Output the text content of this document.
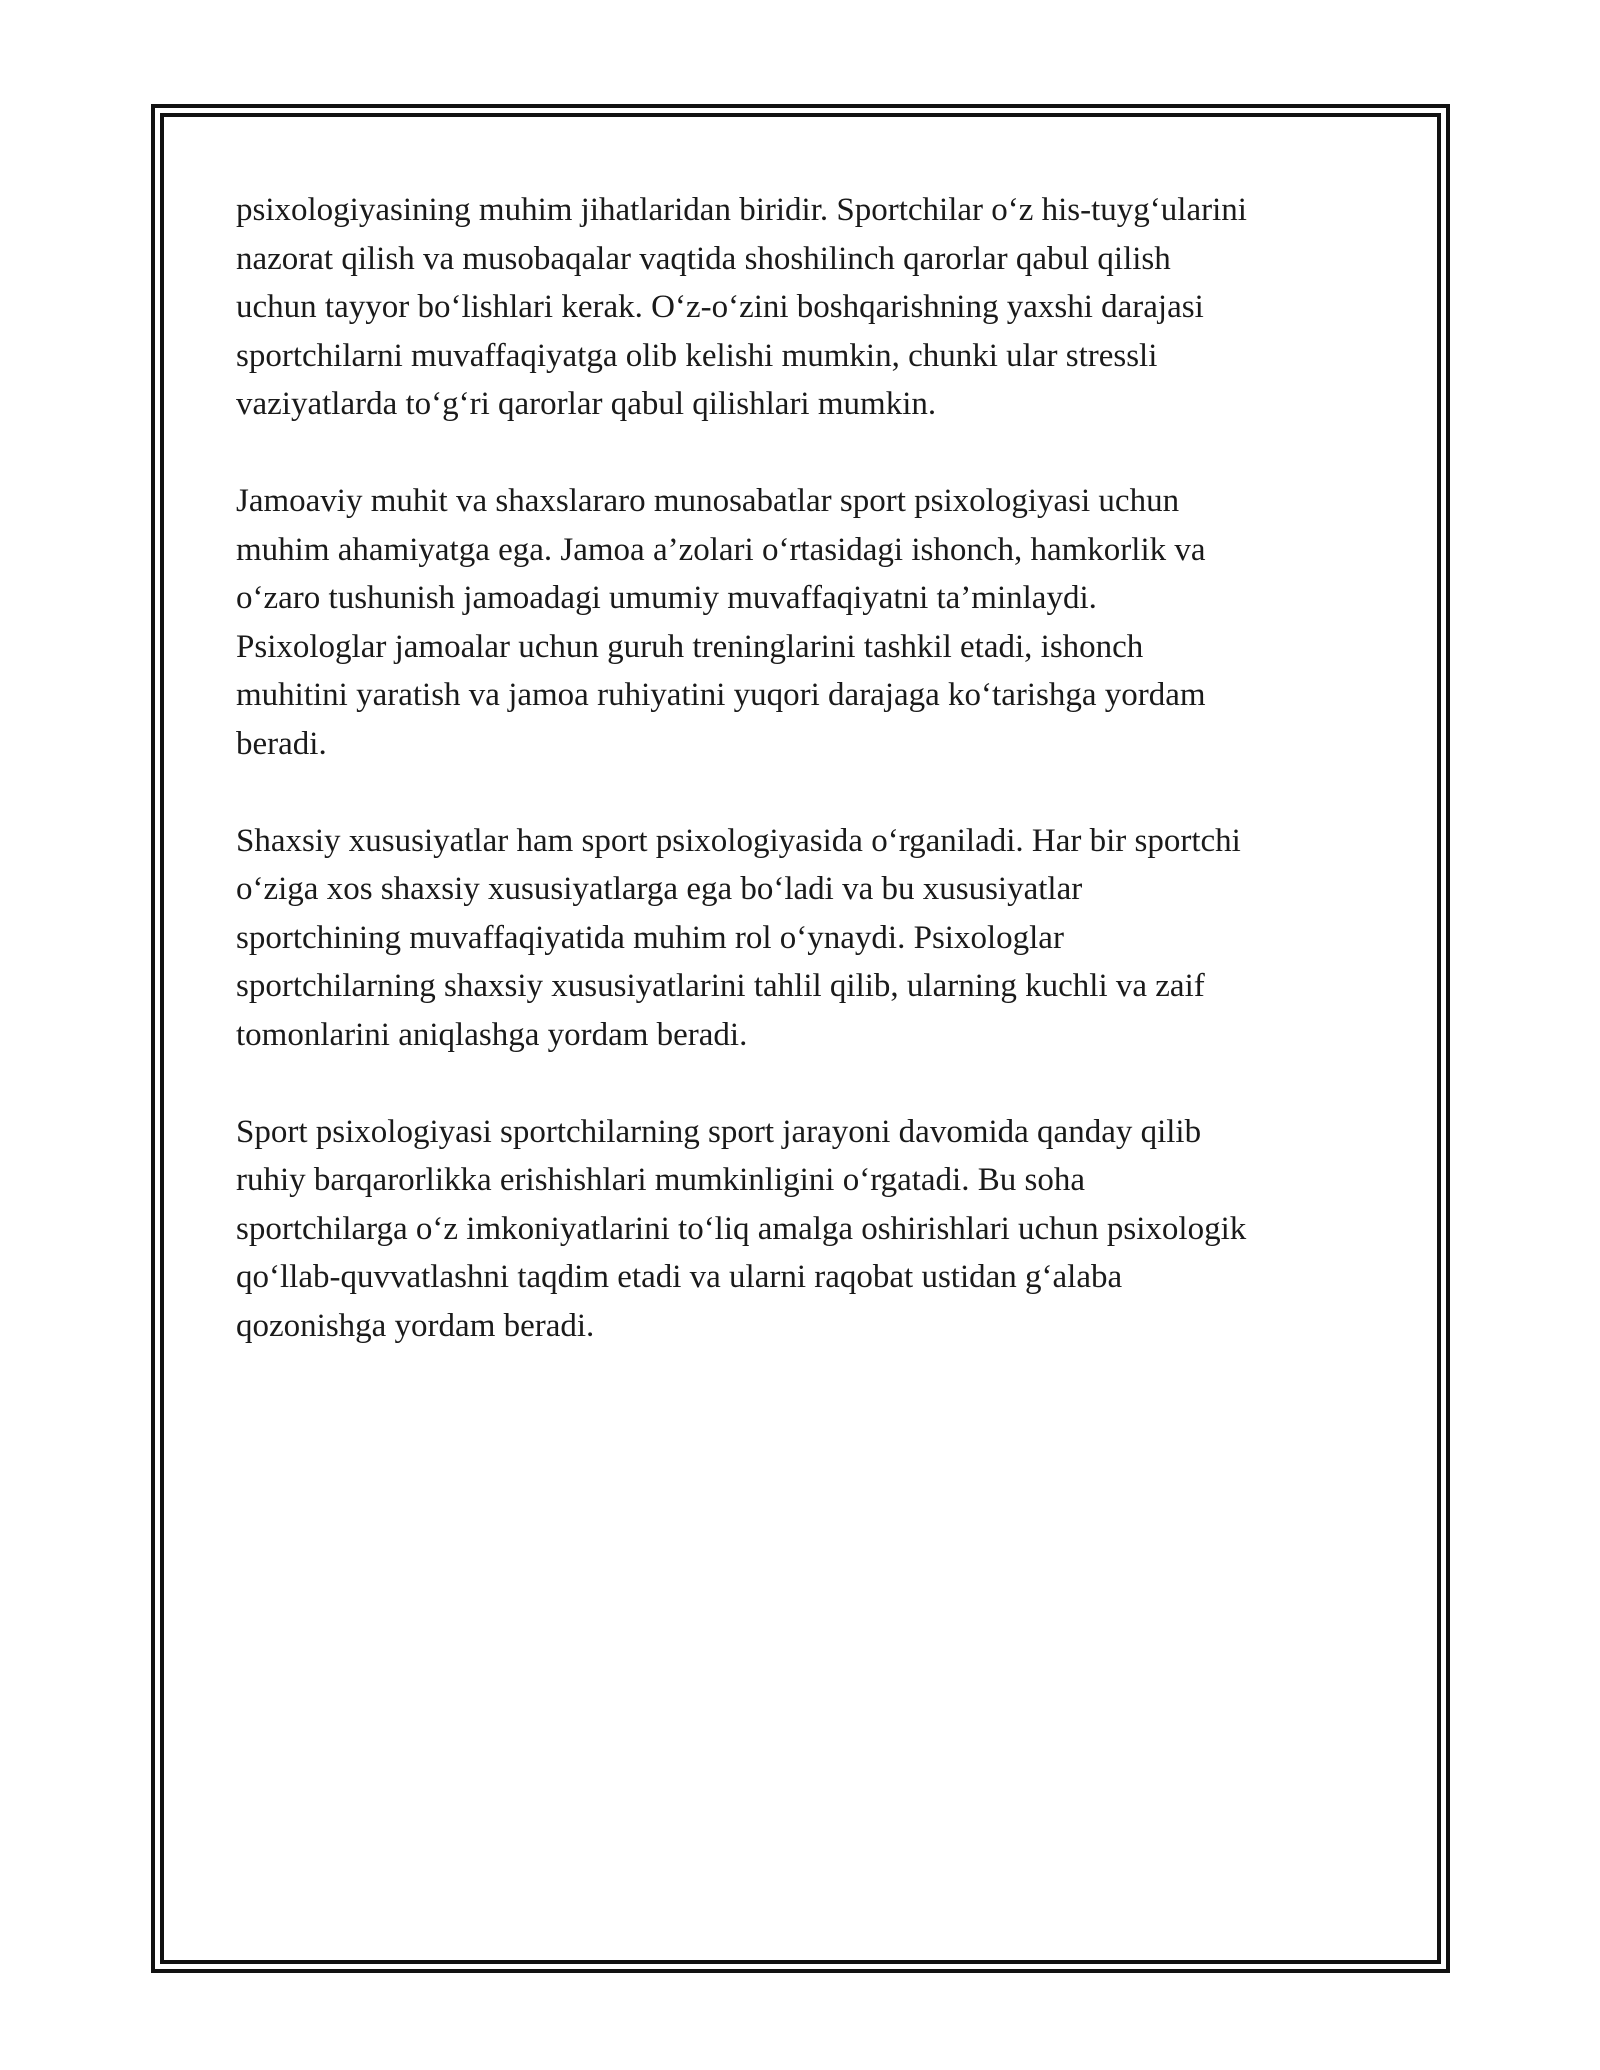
psixologiyasining muhim jihatlaridan biridir. Sportchilar o‘z his-tuyg‘ularini
nazorat qilish va musobaqalar vaqtida shoshilinch qarorlar qabul qilish
uchun tayyor bo‘lishlari kerak. O‘z-o‘zini boshqarishning yaxshi darajasi
sportchilarni muvaffaqiyatga olib kelishi mumkin, chunki ular stressli
vaziyatlarda to‘g‘ri qarorlar qabul qilishlari mumkin.

Jamoaviy muhit va shaxslararo munosabatlar sport psixologiyasi uchun
muhim ahamiyatga ega. Jamoa a’zolari o‘rtasidagi ishonch, hamkorlik va
o‘zaro tushunish jamoadagi umumiy muvaffaqiyatni ta’minlaydi.
Psixologlar jamoalar uchun guruh treninglarini tashkil etadi, ishonch
muhitini yaratish va jamoa ruhiyatini yuqori darajaga ko‘tarishga yordam
beradi.

Shaxsiy xususiyatlar ham sport psixologiyasida o‘rganiladi. Har bir sportchi
o‘ziga xos shaxsiy xususiyatlarga ega bo‘ladi va bu xususiyatlar
sportchining muvaffaqiyatida muhim rol o‘ynaydi. Psixologlar
sportchilarning shaxsiy xususiyatlarini tahlil qilib, ularning kuchli va zaif
tomonlarini aniqlashga yordam beradi.

Sport psixologiyasi sportchilarning sport jarayoni davomida qanday qilib
ruhiy barqarorlikka erishishlari mumkinligini o‘rgatadi. Bu soha
sportchilarga o‘z imkoniyatlarini to‘liq amalga oshirishlari uchun psixologik
qo‘llab-quvvatlashni taqdim etadi va ularni raqobat ustidan g‘alaba
qozonishga yordam beradi.
